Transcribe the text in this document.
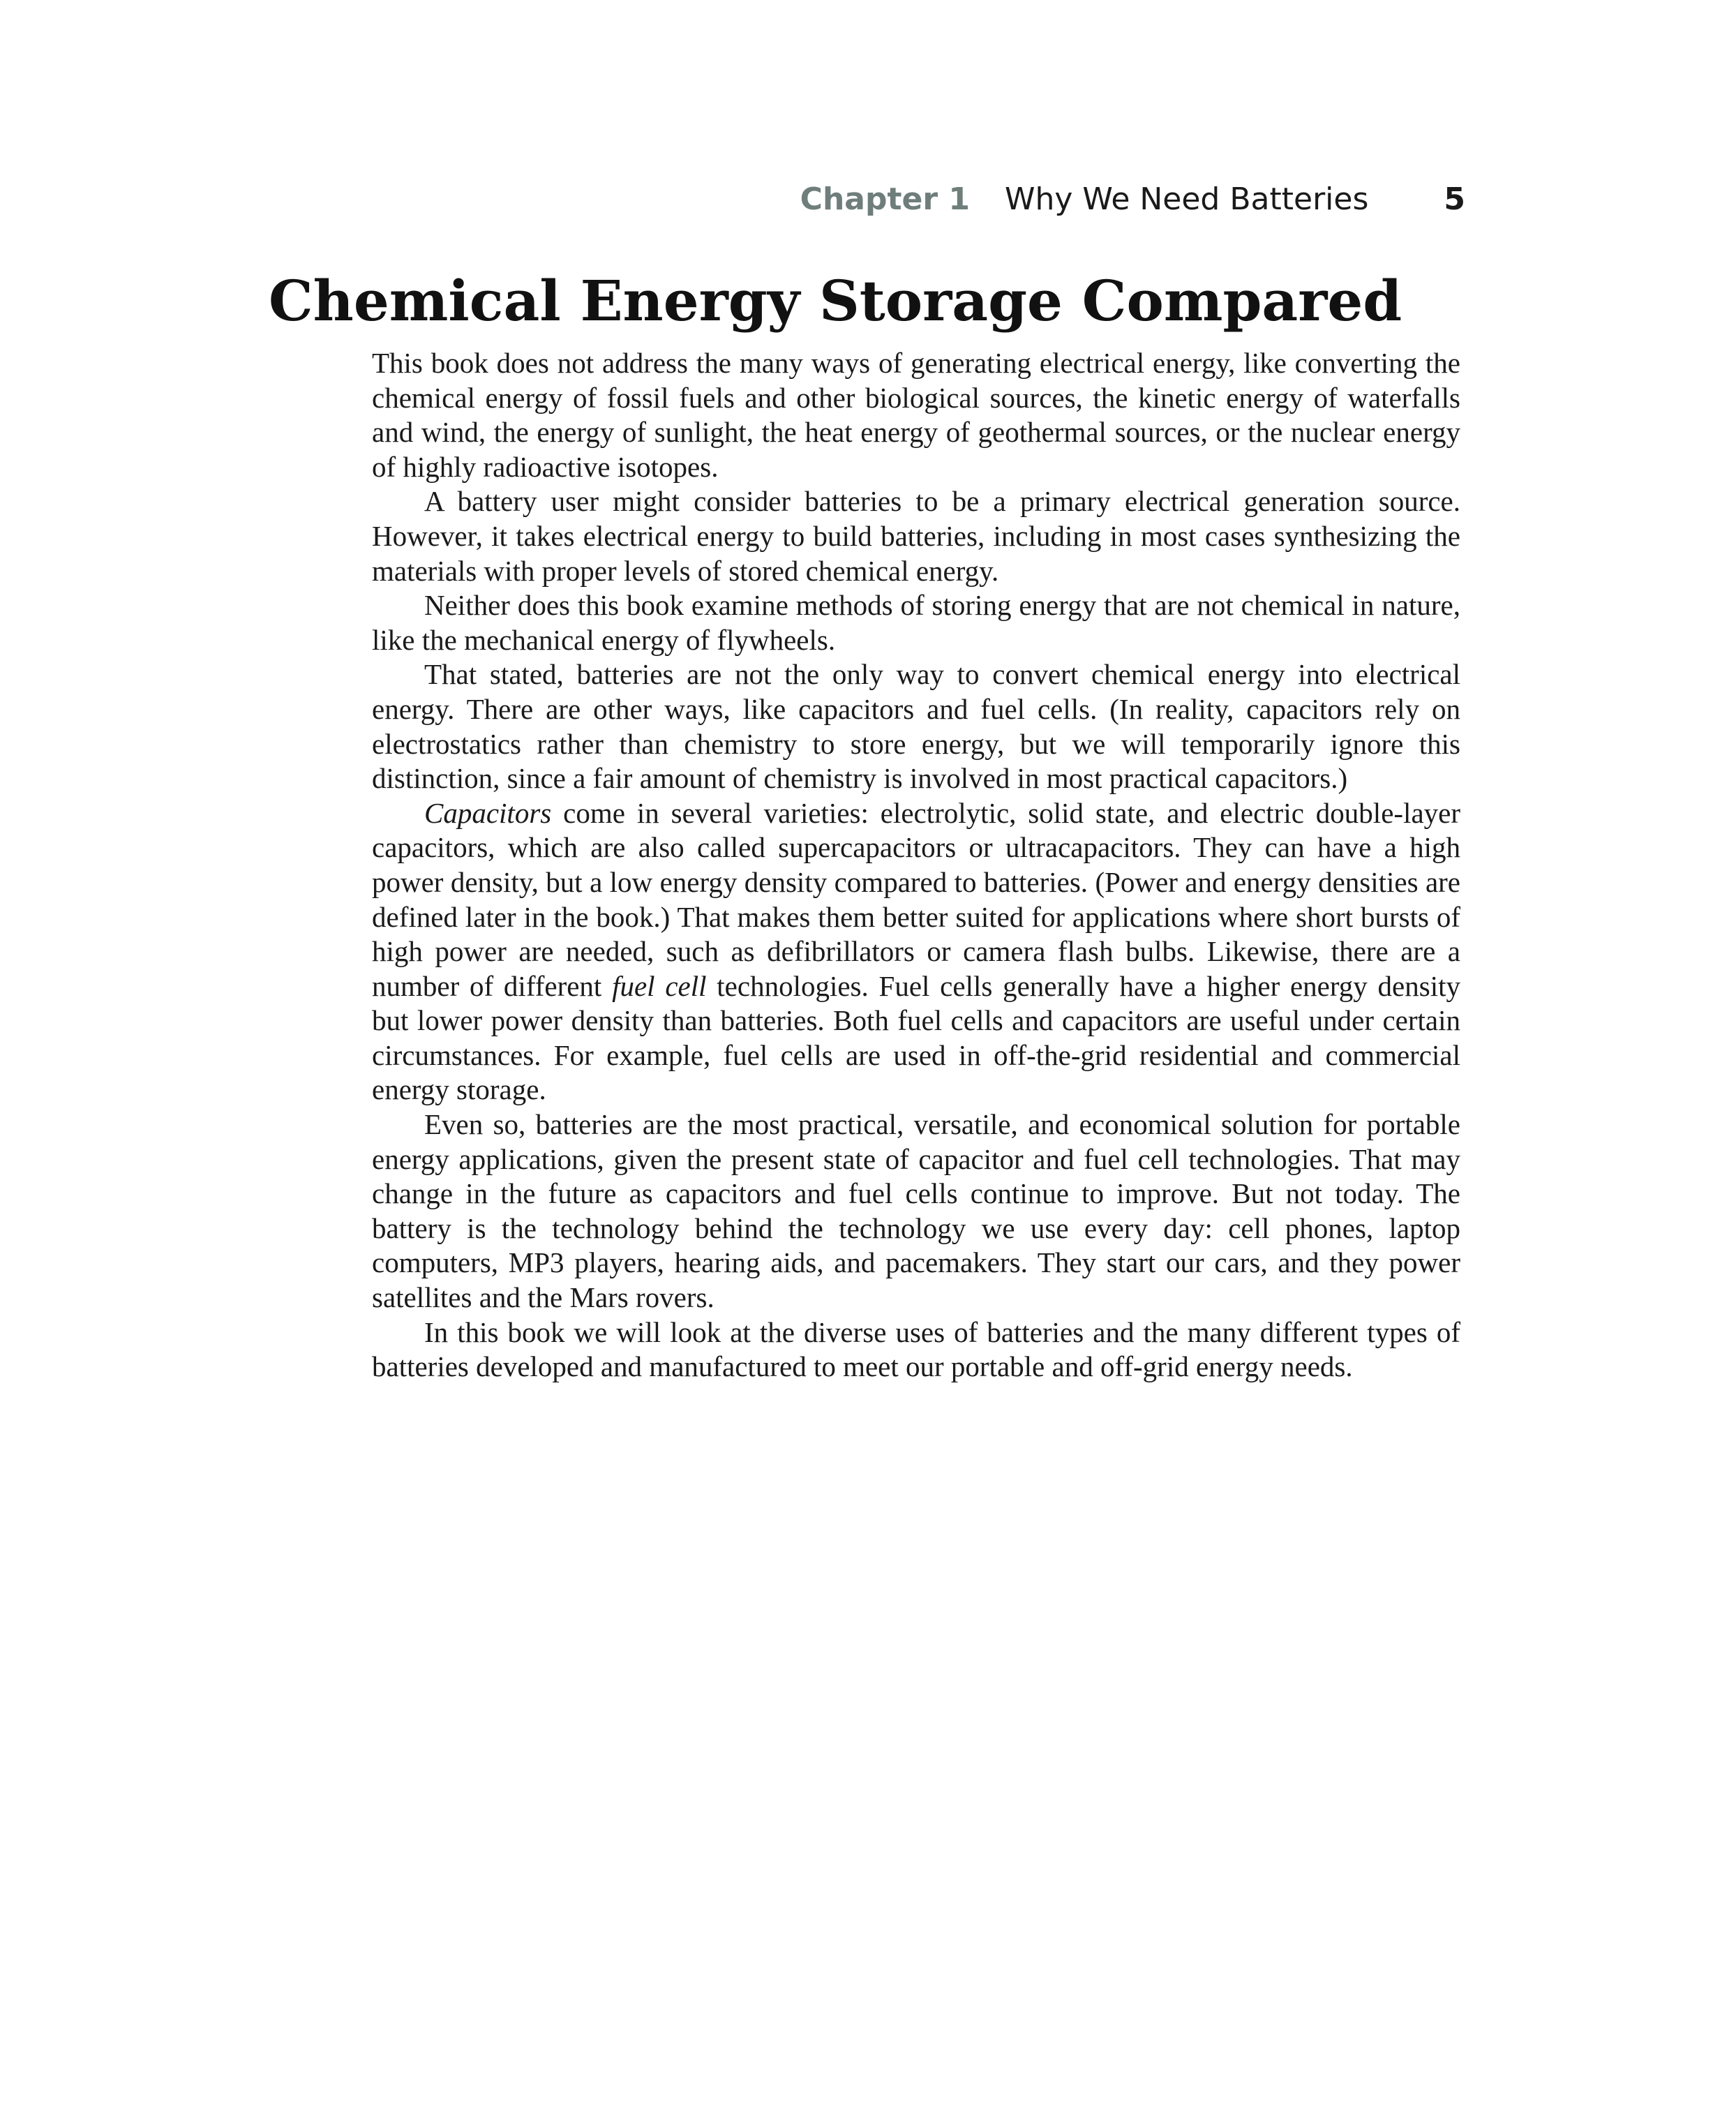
Chapter 1 Why We Need Batteries 5
Chemical Energy Storage Compared

This book does not address the many ways of generating electrical energy, like converting the chemical energy of fossil fuels and other biological sources, the kinetic energy of waterfalls and wind, the energy of sunlight, the heat energy of geothermal sources, or the nuclear energy of highly radioactive isotopes.

A battery user might consider batteries to be a primary electrical generation source. However, it takes electrical energy to build batteries, including in most cases synthesizing the materials with proper levels of stored chemical energy.

Neither does this book examine methods of storing energy that are not chemical in nature, like the mechanical energy of flywheels.

That stated, batteries are not the only way to convert chemical energy into electrical energy. There are other ways, like capacitors and fuel cells. (In reality, capacitors rely on electrostatics rather than chemistry to store energy, but we will temporarily ignore this distinction, since a fair amount of chemistry is involved in most practical capacitors.)

Capacitors come in several varieties: electrolytic, solid state, and electric double-layer capacitors, which are also called supercapacitors or ultracapacitors. They can have a high power density, but a low energy density compared to batteries. (Power and energy densities are defined later in the book.) That makes them better suited for applications where short bursts of high power are needed, such as defibrillators or camera flash bulbs. Likewise, there are a number of different fuel cell technologies. Fuel cells generally have a higher energy density but lower power density than batteries. Both fuel cells and capacitors are useful under certain circumstances. For example, fuel cells are used in off-the-grid residential and commercial energy storage.

Even so, batteries are the most practical, versatile, and economical solution for portable energy applications, given the present state of capacitor and fuel cell technologies. That may change in the future as capacitors and fuel cells continue to improve. But not today. The battery is the technology behind the technology we use every day: cell phones, laptop computers, MP3 players, hearing aids, and pacemakers. They start our cars, and they power satellites and the Mars rovers.

In this book we will look at the diverse uses of batteries and the many different types of batteries developed and manufactured to meet our portable and off-grid energy needs.
